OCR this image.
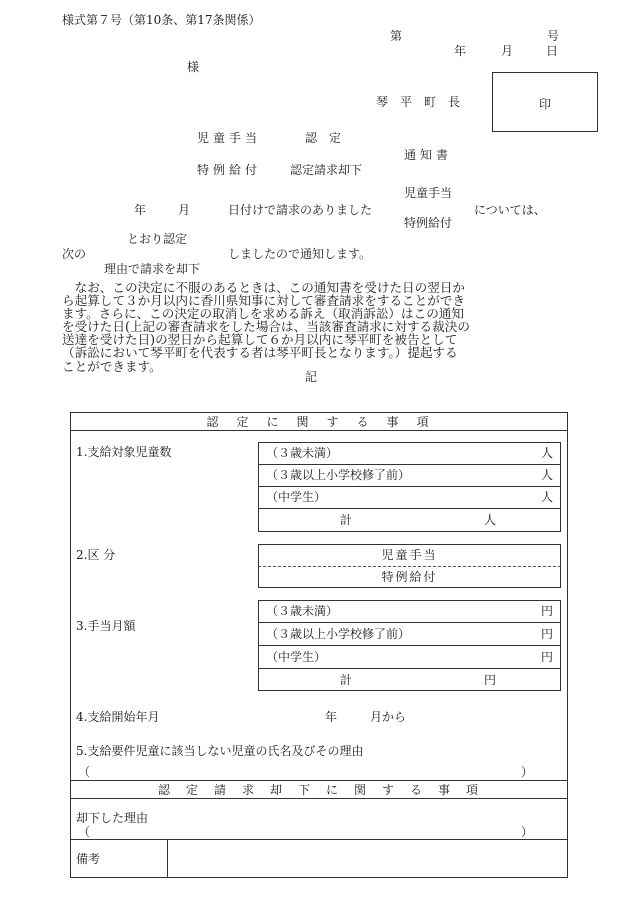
様式第７号（第10条、第17条関係）
第	号
年	月	日
様
琴　平　町　長	印
児童手当	認　定
通知書
特例給付 認定請求却下
児童手当
年	月	日付けで請求のありました	については、
特例給付
とおり認定
次の	しましたので通知します。
理由で請求を却下
　なお、この決定に不服のあるときは、この通知書を受けた日の翌日か
ら起算して３か月以内に香川県知事に対して審査請求をすることができ
ます。さらに、この決定の取消しを求める訴え（取消訴訟）はこの通知
を受けた日(上記の審査請求をした場合は、当該審査請求に対する裁決の
送達を受けた日)の翌日から起算して６か月以内に琴平町を被告として
（訴訟において琴平町を代表する者は琴平町長となります。）提起する
ことができます。
記
認　定　に　関　す　る　事　項
1.支給対象児童数	（３歳未満）	人
（３歳以上小学校修了前）	人
（中学生）	人
計	人
2.区 分	児童手当
特例給付
3.手当月額
（３歳未満）	円
（３歳以上小学校修了前）	円
（中学生）	円
計	円
4.支給開始年月	年	月から
5.支給要件児童に該当しない児童の氏名及びその理由
（	）
認　定　請　求　却　下　に　関　す　る　事　項
却下した理由
（	）
備考
